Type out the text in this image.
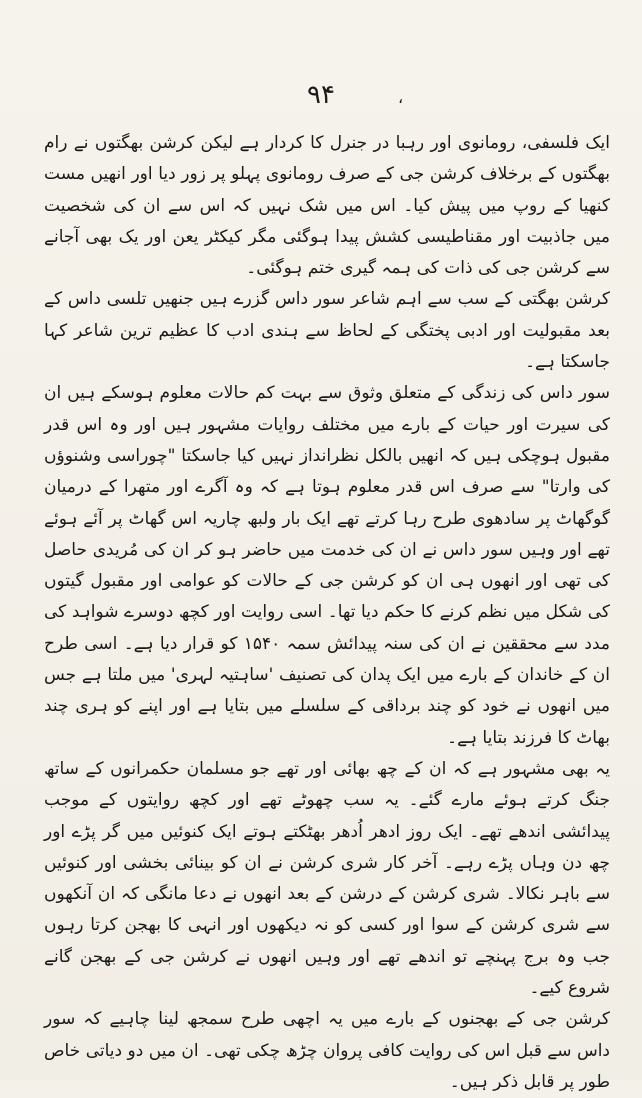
۹۴	،

ایک فلسفی، رومانوی اور رہبا در جنرل کا کردار ہے لیکن کرشن بھگتوں نے رام بھگتوں کے برخلاف کرشن جی کے صرف رومانوی پہلو پر زور دیا اور انھیں مست کنھیا کے روپ میں پیش کیا۔ اس میں شک نہیں کہ اس سے ان کی شخصیت میں جاذبیت اور مقناطیسی کشش پیدا ہوگئی مگر کیکٹر یعن اور یک بھی آجانے سے کرشن جی کی ذات کی ہمہ گیری ختم ہوگئی۔

کرشن بھگتی کے سب سے اہم شاعر سور داس گزرے ہیں جنھیں تلسی داس کے بعد مقبولیت اور ادبی پختگی کے لحاظ سے ہندی ادب کا عظیم ترین شاعر کہا جاسکتا ہے۔

سور داس کی زندگی کے متعلق وثوق سے بہت کم حالات معلوم ہوسکے ہیں ان کی سیرت اور حیات کے بارے میں مختلف روایات مشہور ہیں اور وہ اس قدر مقبول ہوچکی ہیں کہ انھیں بالکل نظرانداز نہیں کیا جاسکتا "چوراسی وشنوؤں کی وارتا" سے صرف اس قدر معلوم ہوتا ہے کہ وہ آگرے اور متھرا کے درمیان گوگھاٹ پر سادھوی طرح رہا کرتے تھے ایک بار ولبھ چاریہ اس گھاٹ پر آئے ہوئے تھے اور وہیں سور داس نے ان کی خدمت میں حاضر ہو کر ان کی مُریدی حاصل کی تھی اور انھوں ہی ان کو کرشن جی کے حالات کو عوامی اور مقبول گیتوں کی شکل میں نظم کرنے کا حکم دیا تھا۔ اسی روایت اور کچھ دوسرے شواہد کی مدد سے محققین نے ان کی سنہ پیدائش سمہ ۱۵۴۰ کو قرار دیا ہے۔ اسی طرح ان کے خاندان کے بارے میں ایک پدان کی تصنیف 'ساہتیہ لہری' میں ملتا ہے جس میں انھوں نے خود کو چند برداقی کے سلسلے میں بتایا ہے اور اپنے کو ہری چند بھاٹ کا فرزند بتایا ہے۔

یہ بھی مشہور ہے کہ ان کے چھ بھائی اور تھے جو مسلمان حکمرانوں کے ساتھ جنگ کرتے ہوئے مارے گئے۔ یہ سب چھوٹے تھے اور کچھ روایتوں کے موجب پیدائشی اندھے تھے۔ ایک روز ادھر اُدھر بھٹکتے ہوتے ایک کنوئیں میں گر پڑے اور چھ دن وہاں پڑے رہے۔ آخر کار شری کرشن نے ان کو بینائی بخشی اور کنوئیں سے باہر نکالا۔ شری کرشن کے درشن کے بعد انھوں نے دعا مانگی کہ ان آنکھوں سے شری کرشن کے سوا اور کسی کو نہ دیکھوں اور انہی کا بھجن کرتا رہوں جب وہ برج پہنچے تو اندھے تھے اور وہیں انھوں نے کرشن جی کے بھجن گانے شروع کیے۔

کرشن جی کے بھجنوں کے بارے میں یہ اچھی طرح سمجھ لینا چاہیے کہ سور داس سے قبل اس کی روایت کافی پروان چڑھ چکی تھی۔ ان میں دو دیاتی خاص طور پر قابل ذکر ہیں۔
